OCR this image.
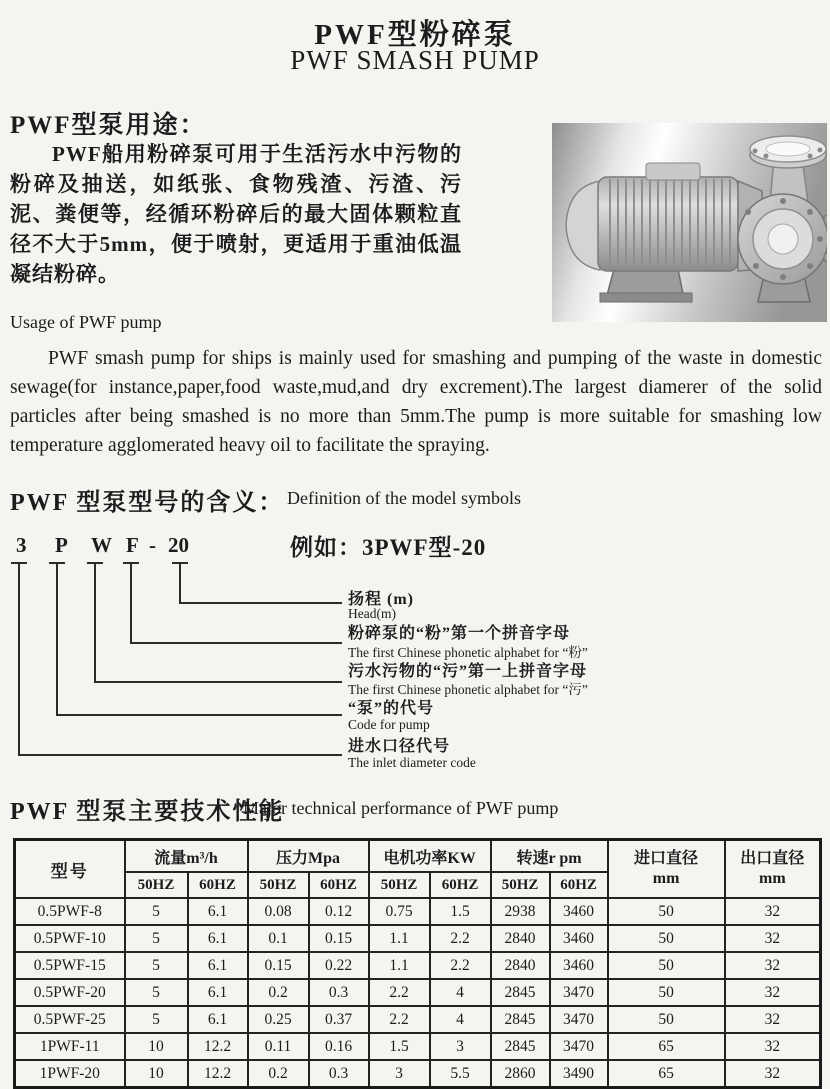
PWF型粉碎泵
PWF SMASH PUMP
PWF型泵用途：
PWF船用粉碎泵可用于生活污水中污物的粉碎及抽送，如纸张、食物残渣、污渣、污泥、粪便等，经循环粉碎后的最大固体颗粒直径不大于5mm，便于喷射，更适用于重油低温凝结粉碎。
Usage of PWF pump
PWF smash pump for ships is mainly used for smashing and pumping of the waste in domestic sewage(for instance,paper,food waste,mud,and dry excrement).The largest diamerer of the solid particles after being smashed is no more than 5mm.The pump is more suitable for smashing low temperature agglomerated heavy oil to facilitate the spraying.
PWF 型泵型号的含义： Definition of the model symbols
例如：3PWF型-20
3 P W F - 20
扬程 (m)
Head(m)
粉碎泵的“粉”第一个拼音字母
The first Chinese phonetic alphabet for “粉”
污水污物的“污”第一上拼音字母
The first Chinese phonetic alphabet for “污”
“泵”的代号
Code for pump
进水口径代号
The inlet diameter code
PWF 型泵主要技术性能
Major technical performance of PWF pump
型号	流量m³/h	压力Mpa	电机功率KW	转速r pm	进口直径
mm

出口直径
mm

	50HZ	60HZ	50HZ	60HZ	50HZ	60HZ	50HZ	60HZ		
0.5PWF-8	5	6.1	0.08	0.12	0.75	1.5	2938	3460	50	32
0.5PWF-10	5	6.1	0.1	0.15	1.1	2.2	2840	3460	50	32
0.5PWF-15	5	6.1	0.15	0.22	1.1	2.2	2840	3460	50	32
0.5PWF-20	5	6.1	0.2	0.3	2.2	4	2845	3470	50	32
0.5PWF-25	5	6.1	0.25	0.37	2.2	4	2845	3470	50	32
1PWF-11	10	12.2	0.11	0.16	1.5	3	2845	3470	65	32
1PWF-20	10	12.2	0.2	0.3	3	5.5	2860	3490	65	32
